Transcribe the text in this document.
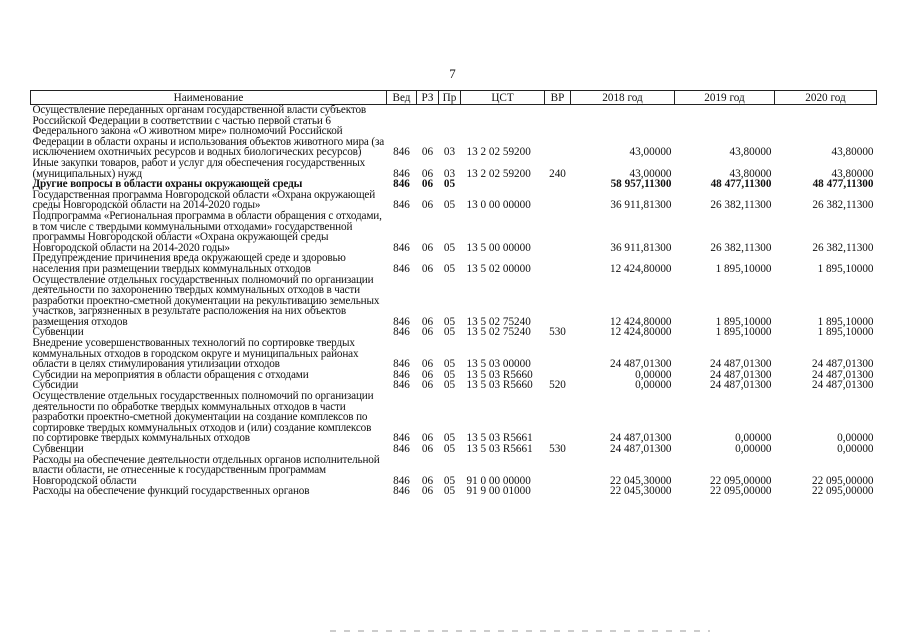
7
Наименование	Вед	РЗ	Пр	ЦСТ	ВР	2018 год	2019 год	2020 год
Осуществление переданных органам государственной власти субъектов Российской Федерации в соответствии с частью первой статьи 6 Федерального закона «О животном мире» полномочий Российской Федерации в области охраны и использования объектов животного мира (за исключением охотничьих ресурсов и водных биологических ресурсов)	846	06	03	13 2 02 59200		43,00000	43,80000	43,80000
Иные закупки товаров, работ и услуг для обеспечения государственных (муниципальных) нужд	846	06	03	13 2 02 59200	240	43,00000	43,80000	43,80000
Другие вопросы в области охраны окружающей среды	846	06	05			58 957,11300	48 477,11300	48 477,11300
Государственная программа Новгородской области «Охрана окружающей среды Новгородской области на 2014-2020 годы»	846	06	05	13 0 00 00000		36 911,81300	26 382,11300	26 382,11300
Подпрограмма «Региональная программа в области обращения с отходами, в том числе с твердыми коммунальными отходами» государственной программы Новгородской области «Охрана окружающей среды Новгородской области на 2014-2020 годы»	846	06	05	13 5 00 00000		36 911,81300	26 382,11300	26 382,11300
Предупреждение причинения вреда окружающей среде и здоровью населения при размещении твердых коммунальных отходов	846	06	05	13 5 02 00000		12 424,80000	1 895,10000	1 895,10000
Осуществление отдельных государственных полномочий по организации деятельности по захоронению твердых коммунальных отходов в части разработки проектно-сметной документации на рекультивацию земельных участков, загрязненных в результате расположения на них объектов размещения отходов	846	06	05	13 5 02 75240		12 424,80000	1 895,10000	1 895,10000
Субвенции	846	06	05	13 5 02 75240	530	12 424,80000	1 895,10000	1 895,10000
Внедрение усовершенствованных технологий по сортировке твердых коммунальных отходов в городском округе и муниципальных районах области в целях стимулирования утилизации отходов	846	06	05	13 5 03 00000		24 487,01300	24 487,01300	24 487,01300
Субсидии на мероприятия в области обращения с отходами	846	06	05	13 5 03 R5660		0,00000	24 487,01300	24 487,01300
Субсидии	846	06	05	13 5 03 R5660	520	0,00000	24 487,01300	24 487,01300
Осуществление отдельных государственных полномочий по организации деятельности по обработке твердых коммунальных отходов в части разработки проектно-сметной документации на создание комплексов по сортировке твердых коммунальных отходов и (или) создание комплексов по сортировке твердых коммунальных отходов	846	06	05	13 5 03 R5661		24 487,01300	0,00000	0,00000
Субвенции	846	06	05	13 5 03 R5661	530	24 487,01300	0,00000	0,00000
Расходы на обеспечение деятельности отдельных органов исполнительной власти области, не отнесенные к государственным программам Новгородской области	846	06	05	91 0 00 00000		22 045,30000	22 095,00000	22 095,00000
Расходы на обеспечение функций государственных органов	846	06	05	91 9 00 01000		22 045,30000	22 095,00000	22 095,00000
